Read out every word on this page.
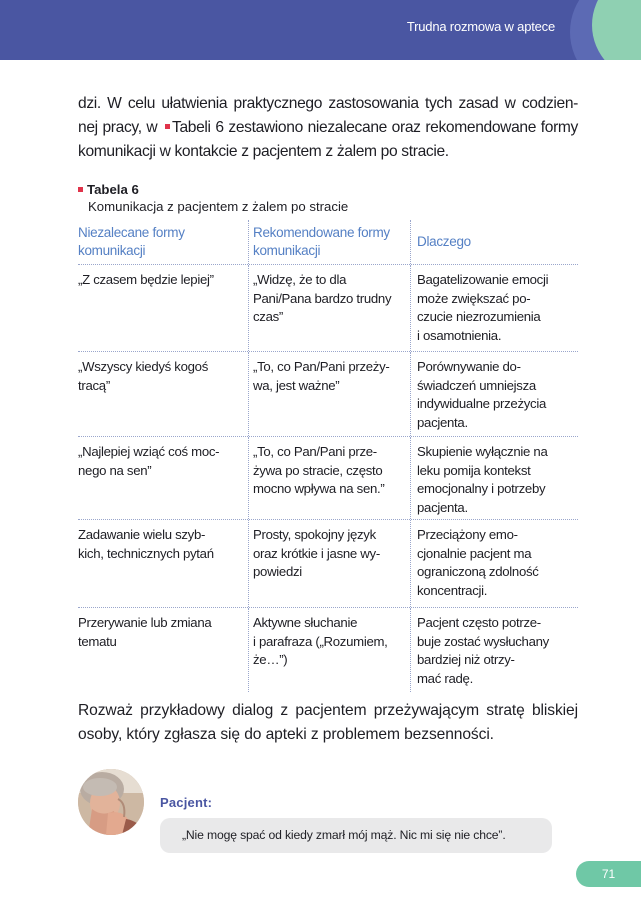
Trudna rozmowa w aptece
dzi. W celu ułatwienia praktycznego zastosowania tych zasad w codzien-
nej pracy, w Tabeli 6 zestawiono niezalecane oraz rekomendowane formy
komunikacji w kontakcie z pacjentem z żalem po stracie.
Tabela 6
Komunikacja z pacjentem z żalem po stracie
Niezalecane formy
komunikacji
Rekomendowane formy
komunikacji
Dlaczego
„Z czasem będzie lepiej”	„Widzę, że to dla
Pani/Pana bardzo trudny
czas”
Bagatelizowanie emocji
może zwiększać po-
czucie niezrozumienia
i osamotnienia.
„Wszyscy kiedyś kogoś
tracą”
„To, co Pan/Pani przeży-
wa, jest ważne”
Porównywanie do-
świadczeń umniejsza
indywidualne przeżycia
pacjenta.
„Najlepiej wziąć coś moc-
nego na sen”
„To, co Pan/Pani prze-
żywa po stracie, często
mocno wpływa na sen.”
Skupienie wyłącznie na
leku pomija kontekst
emocjonalny i potrzeby
pacjenta.
Zadawanie wielu szyb-
kich, technicznych pytań
Prosty, spokojny język
oraz krótkie i jasne wy-
powiedzi
Przeciążony emo-
cjonalnie pacjent ma
ograniczoną zdolność
koncentracji.
Przerywanie lub zmiana
tematu
Aktywne słuchanie
i parafraza („Rozumiem,
że…”)
Pacjent często potrze-
buje zostać wysłuchany
bardziej niż otrzy-
mać radę.
Rozważ przykładowy dialog z pacjentem przeżywającym stratę bliskiej
osoby, który zgłasza się do apteki z problemem bezsenności.
Pacjent:
„Nie mogę spać od kiedy zmarł mój mąż. Nic mi się nie chce”.
71
